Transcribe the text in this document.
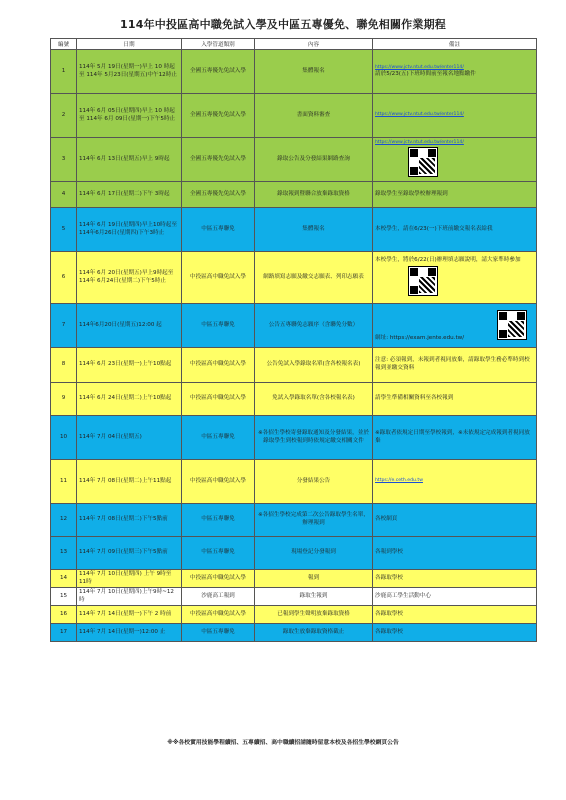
114年中投區高中職免試入學及中區五專優免、聯免相關作業期程
編號	日期	入學管道類別	內容	備註
1	114年 5月 19日(星期一)早上 10 時起至 114年 5月23日(星期五)中午12時止	全國五專優先免試入學	集體報名	https://www.jctv.ntut.edu.tw/enter114/
請於5/23(五)下班時間前至報名地點繳件
2	114年 6月 05日(星期四)早上 10 時起至 114年 6月 09日(星期一)下午5時止	全國五專優先免試入學	書面資料審查	https://www.jctv.ntut.edu.tw/enter114/

3	114年 6月 13日(星期五)早上 9時起	全國五專優先免試入學	錄取公告及分發結果網路查詢	https://www.jctv.ntut.edu.tw/enter114/

4	114年 6月 17日(星期二)下午 3時起	全國五專優先免試入學	錄取報到暨聯合放棄錄取資格	錄取學生至錄取學校辦理報到
5	114年 6月 19日(星期四)早上10時起至 114年6月26日(星期四)下午3時止	中區五專聯免	集體報名	本校學生，請在6/23(一)下班前繳交報名表給我
6	114年 6月 20日(星期五)早上9時起至 114年 6月24日(星期二)下午5時止	中投區高中職免試入學	網路填寫志願及繳交志願表、列印志願表	本校學生，將於6/22(日)辦理填志願說明，請大家準時參加
7	114年6月20日(星期五)12:00 起	中區五專聯免	公告五專聯免志願序（含聯免分數）	網址: https://exam.jente.edu.tw/
8	114年 6月 23日(星期一)上午10點起	中投區高中職免試入學	公告免試入學錄取名單(含各校報名表)	注意: 必須報到，未報到者視同放棄，請錄取學生務必準時到校報到並繳交資料
9	114年 6月 24日(星期二)上午10點起	中投區高中職免試入學	免試入學錄取名單(含各校報名表)	請學生準備相關資料至各校報到
10	114年 7月 04日(星期五)	中區五專聯免	※各招生學校寄發錄取通知及分發結果，並於錄取學生到校報到時依規定繳交相關文件	※錄取者依規定日期至學校報到，※未依規定完成報到者視同放棄
11	114年 7月 08日(星期二)上午11點起	中投區高中職免試入學	分發結果公告	https://e.ceth.edu.tw

12	114年 7月 08日(星期二)下午5點前	中區五專聯免	※各招生學校完成第二次公告錄取學生名單，辦理報到	各校網頁
13	114年 7月 09日(星期三)下午5點前	中區五專聯免	現場登記分發報到	各報到學校
14	114年 7月 10日(星期四) 上午 9時至 11時	中投區高中職免試入學	報到	各錄取學校
15	114年 7月 10日(星期四)上午9時~12時	沙鹿高工報到	錄取生報到	沙鹿高工學生活動中心
16	114年 7月 14日(星期一)下午 2 時前	中投區高中職免試入學	已報到學生聲明放棄錄取資格	各錄取學校
17	114年 7月 14日(星期一)12:00 止	中區五專聯免	錄取生放棄錄取資格截止	各錄取學校
※※各校實用技能學程續招、五專續招、高中職續招請隨時留意本校及各招生學校網頁公告
